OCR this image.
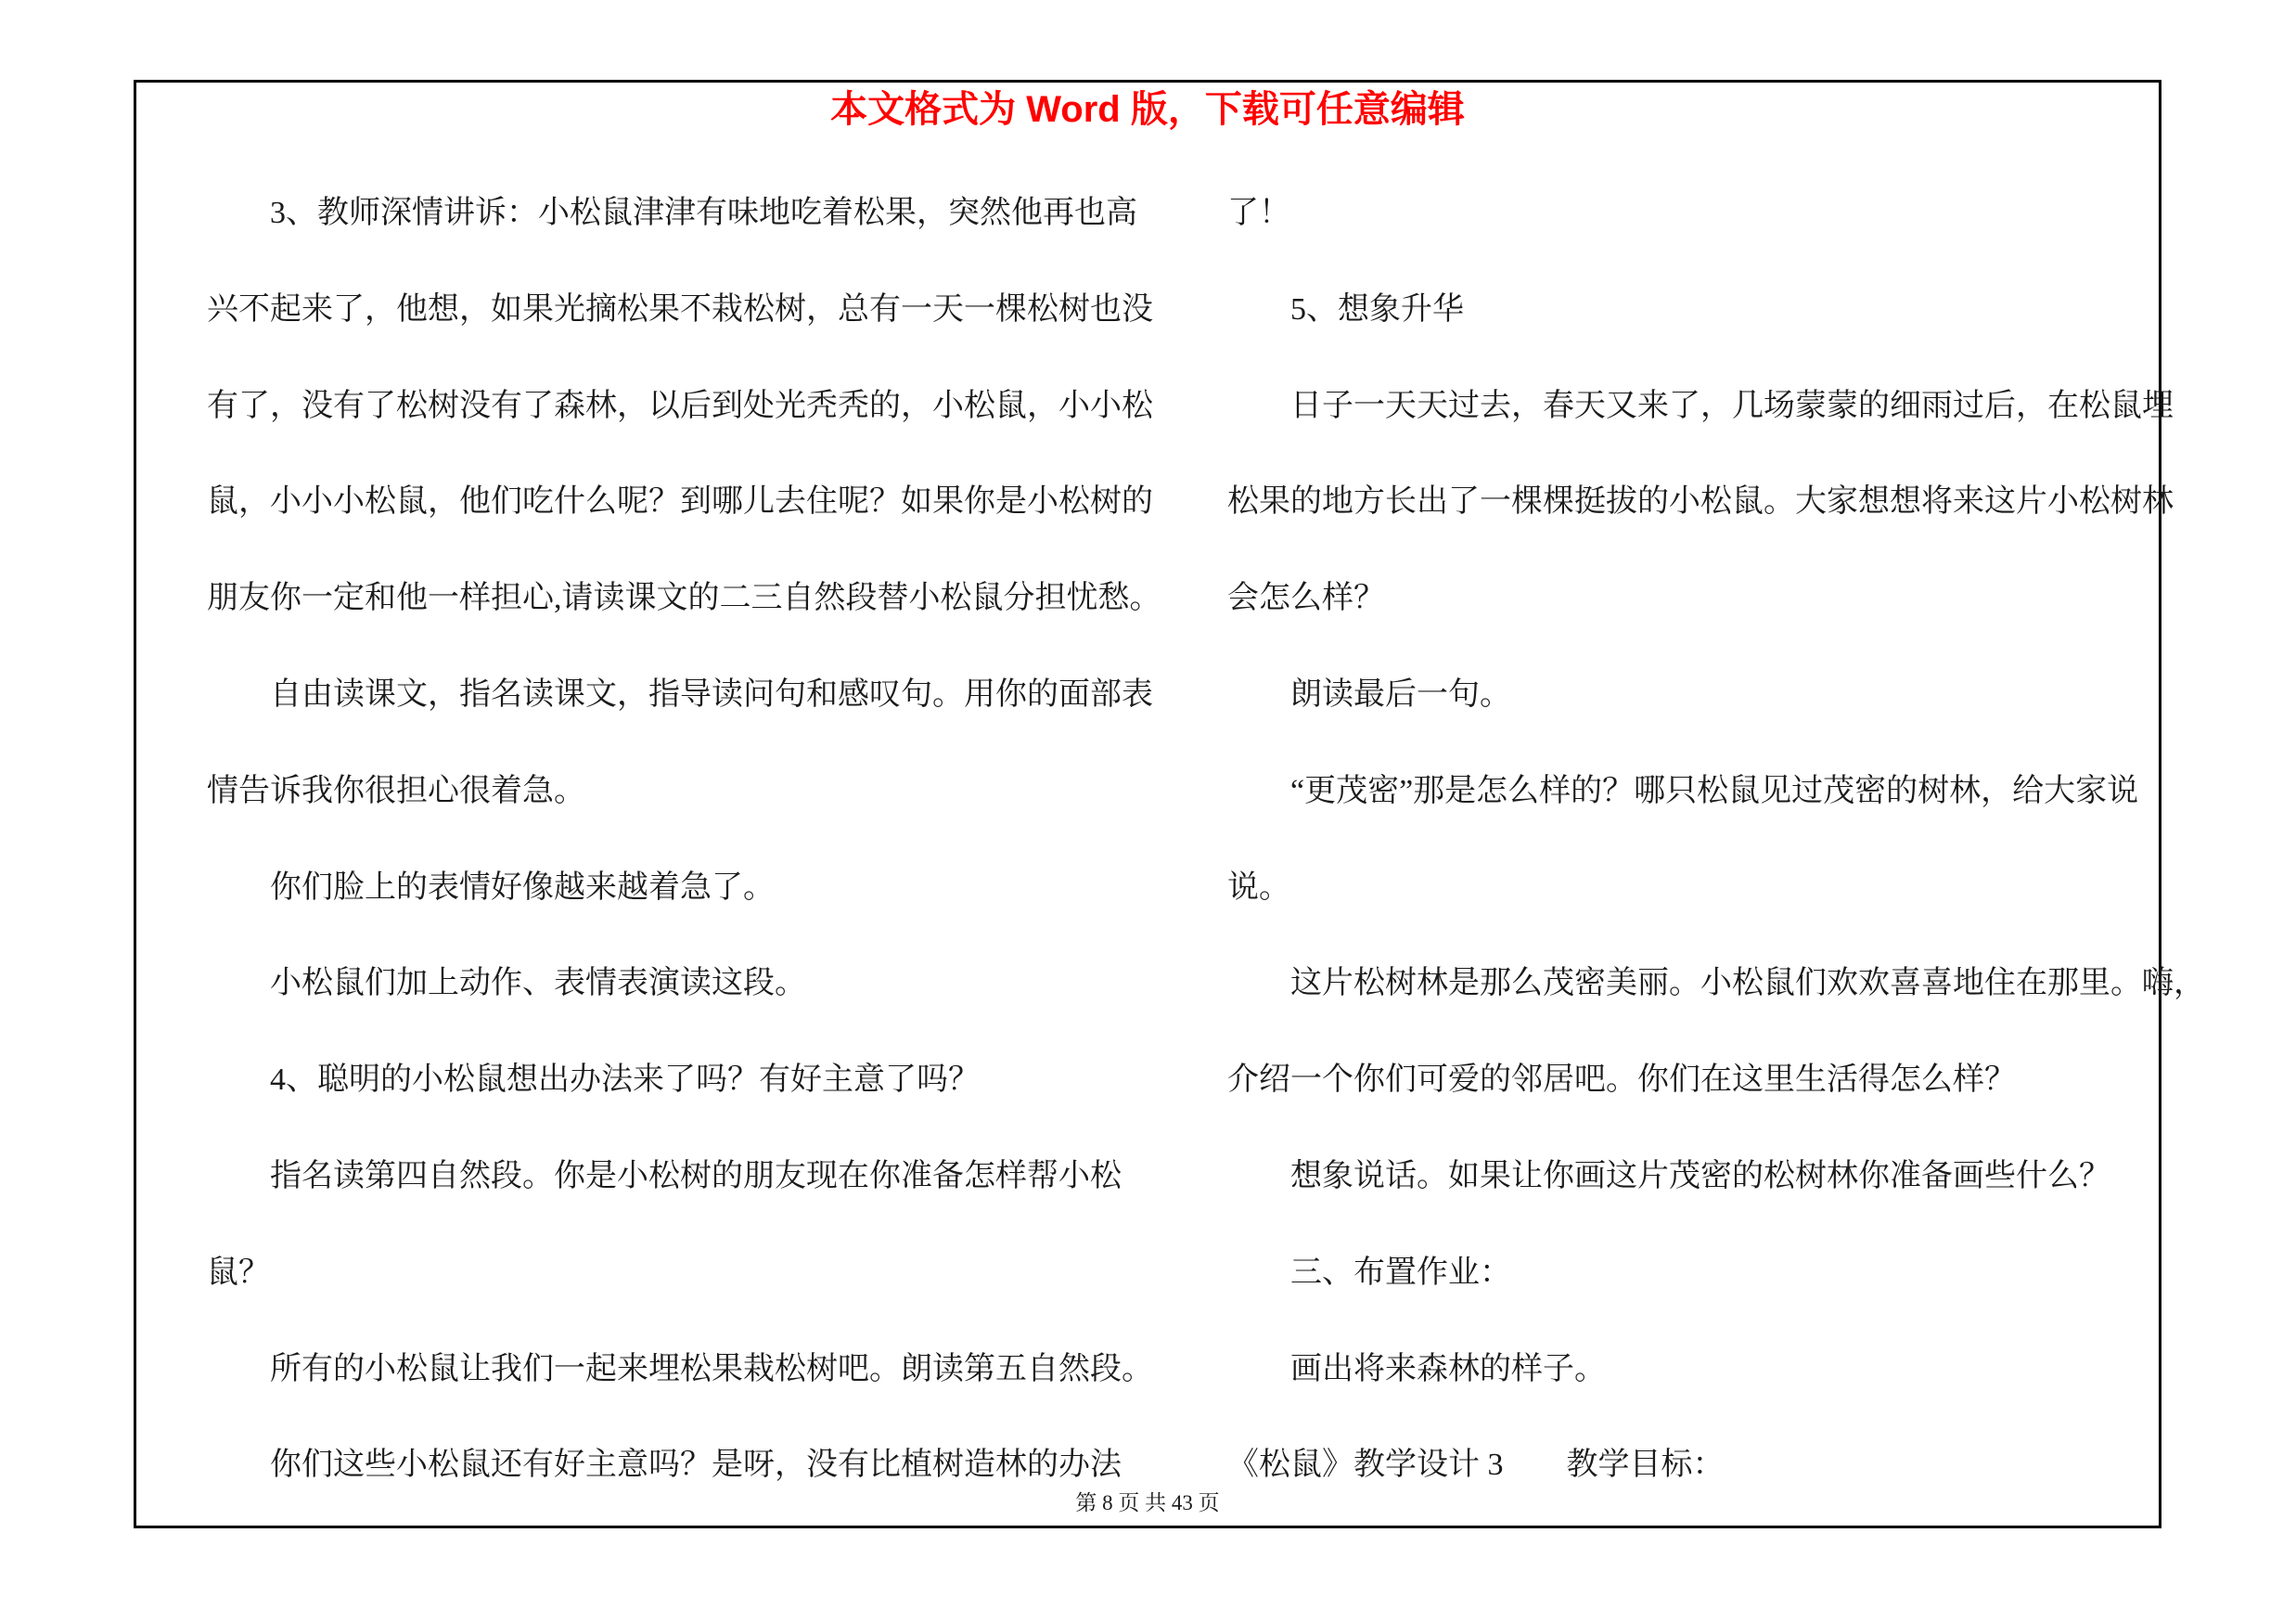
本文格式为 Word 版，下载可任意编辑
3、教师深情讲诉：小松鼠津津有味地吃着松果，突然他再也高
兴不起来了，他想，如果光摘松果不栽松树，总有一天一棵松树也没
有了，没有了松树没有了森林，以后到处光秃秃的，小松鼠，小小松
鼠，小小小松鼠，他们吃什么呢？到哪儿去住呢？如果你是小松树的
朋友你一定和他一样担心,请读课文的二三自然段替小松鼠分担忧愁。
自由读课文，指名读课文，指导读问句和感叹句。用你的面部表
情告诉我你很担心很着急。
你们脸上的表情好像越来越着急了。
小松鼠们加上动作、表情表演读这段。
4、聪明的小松鼠想出办法来了吗？有好主意了吗？
指名读第四自然段。你是小松树的朋友现在你准备怎样帮小松
鼠？
所有的小松鼠让我们一起来埋松果栽松树吧。朗读第五自然段。
你们这些小松鼠还有好主意吗？是呀，没有比植树造林的办法
了！
5、想象升华
日子一天天过去，春天又来了，几场蒙蒙的细雨过后，在松鼠埋
松果的地方长出了一棵棵挺拔的小松鼠。大家想想将来这片小松树林
会怎么样？
朗读最后一句。
“更茂密”那是怎么样的？哪只松鼠见过茂密的树林，给大家说
说。
这片松树林是那么茂密美丽。小松鼠们欢欢喜喜地住在那里。嗨，
介绍一个你们可爱的邻居吧。你们在这里生活得怎么样？
想象说话。如果让你画这片茂密的松树林你准备画些什么？
三、布置作业：
画出将来森林的样子。
《松鼠》教学设计 3　　教学目标：
第 8 页 共 43 页
